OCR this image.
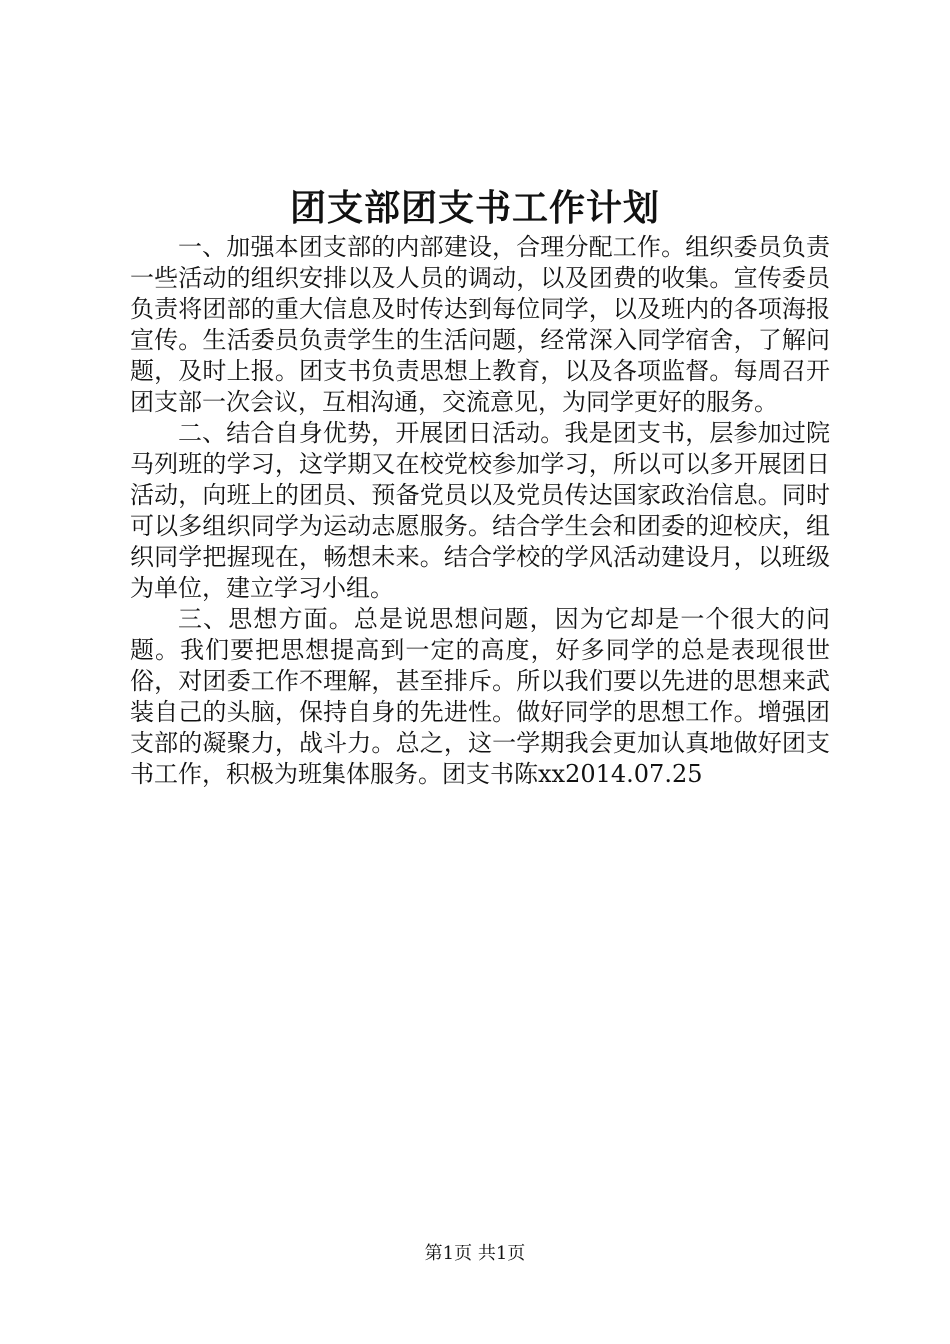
团支部团支书工作计划

一、加强本团支部的内部建设，合理分配工作。组织委员负责一些活动的组织安排以及人员的调动，以及团费的收集。宣传委员负责将团部的重大信息及时传达到每位同学，以及班内的各项海报宣传。生活委员负责学生的生活问题，经常深入同学宿舍，了解问题，及时上报。团支书负责思想上教育，以及各项监督。每周召开团支部一次会议，互相沟通，交流意见，为同学更好的服务。

二、结合自身优势，开展团日活动。我是团支书，层参加过院马列班的学习，这学期又在校党校参加学习，所以可以多开展团日活动，向班上的团员、预备党员以及党员传达国家政治信息。同时可以多组织同学为运动志愿服务。结合学生会和团委的迎校庆，组织同学把握现在，畅想未来。结合学校的学风活动建设月，以班级为单位，建立学习小组。

三、思想方面。总是说思想问题，因为它却是一个很大的问题。我们要把思想提高到一定的高度，好多同学的总是表现很世俗，对团委工作不理解，甚至排斥。所以我们要以先进的思想来武装自己的头脑，保持自身的先进性。做好同学的思想工作。增强团支部的凝聚力，战斗力。总之，这一学期我会更加认真地做好团支书工作，积极为班集体服务。团支书陈xx2014.07.25

第1页 共1页
